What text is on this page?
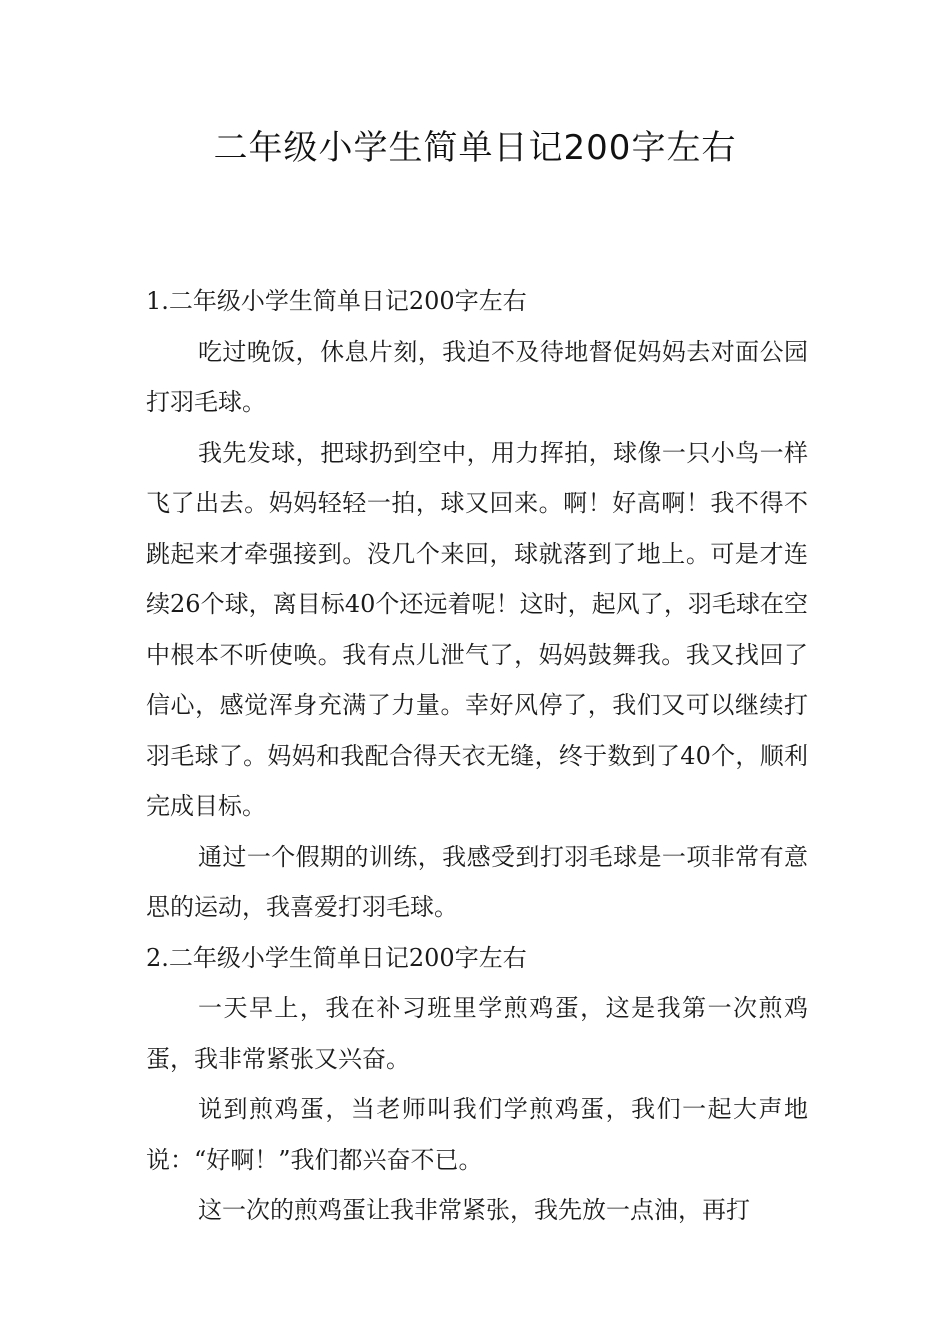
二年级小学生简单日记200字左右

1.二年级小学生简单日记200字左右

吃过晚饭，休息片刻，我迫不及待地督促妈妈去对面公园打羽毛球。

我先发球，把球扔到空中，用力挥拍，球像一只小鸟一样飞了出去。妈妈轻轻一拍，球又回来。啊！好高啊！我不得不跳起来才牵强接到。没几个来回，球就落到了地上。可是才连续26个球，离目标40个还远着呢！这时，起风了，羽毛球在空中根本不听使唤。我有点儿泄气了，妈妈鼓舞我。我又找回了信心，感觉浑身充满了力量。幸好风停了，我们又可以继续打羽毛球了。妈妈和我配合得天衣无缝，终于数到了40个，顺利完成目标。

通过一个假期的训练，我感受到打羽毛球是一项非常有意思的运动，我喜爱打羽毛球。

2.二年级小学生简单日记200字左右

一天早上，我在补习班里学煎鸡蛋，这是我第一次煎鸡蛋，我非常紧张又兴奋。

说到煎鸡蛋，当老师叫我们学煎鸡蛋，我们一起大声地说：“好啊！”我们都兴奋不已。

这一次的煎鸡蛋让我非常紧张，我先放一点油，再打
